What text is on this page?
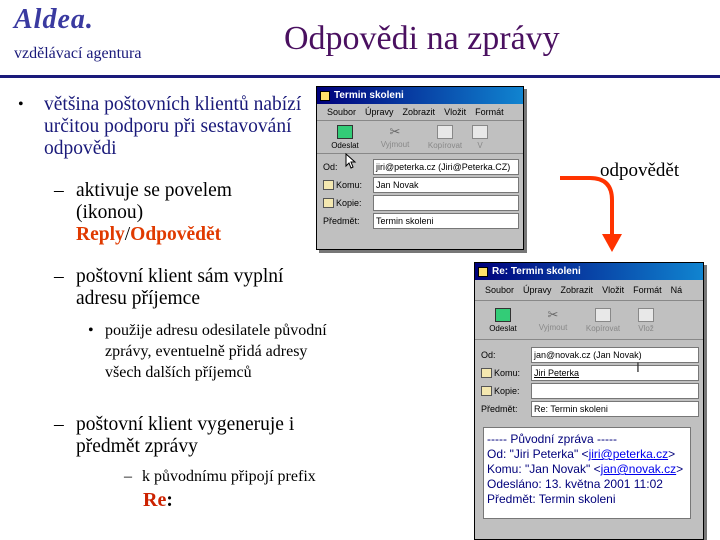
Aldea.
vzdělávací agentura	Odpovědi na zprávy
• většina poštovních klientů nabízí určitou podporu při sestavování odpovědi
– aktivuje se povelem
(ikonou)
Reply/Odpovědět
– poštovní klient sám vyplní adresu příjemce
• použije adresu odesilatele původní zprávy, eventuelně přidá adresy všech dalších příjemců
– poštovní klient vygeneruje i předmět zprávy
– k původnímu připojí prefix
Re:
Termin skoleni
Soubor Úpravy Zobrazit Vložit Formát
Odeslat
✂
Vyjmout Kopírovat V
Od:	jiri@peterka.cz (Jiri@Peterka.CZ)
Komu:	Jan Novak
Kopie:
Předmět:	Termin skoleni
odpovědět
Re: Termin skoleni
Soubor Úpravy Zobrazit Vložit Formát Ná
Odeslat
✂
Vyjmout Kopírovat Vlož
Od:	jan@novak.cz (Jan Novak)
Komu:	Jiri Peterka
Kopie:
Předmět:	Re: Termin skoleni
I
----- Původní zpráva -----
Od: "Jiri Peterka" <jiri@peterka.cz>
Komu: "Jan Novak" <jan@novak.cz>
Odesláno: 13. května 2001 11:02
Předmět: Termin skoleni
